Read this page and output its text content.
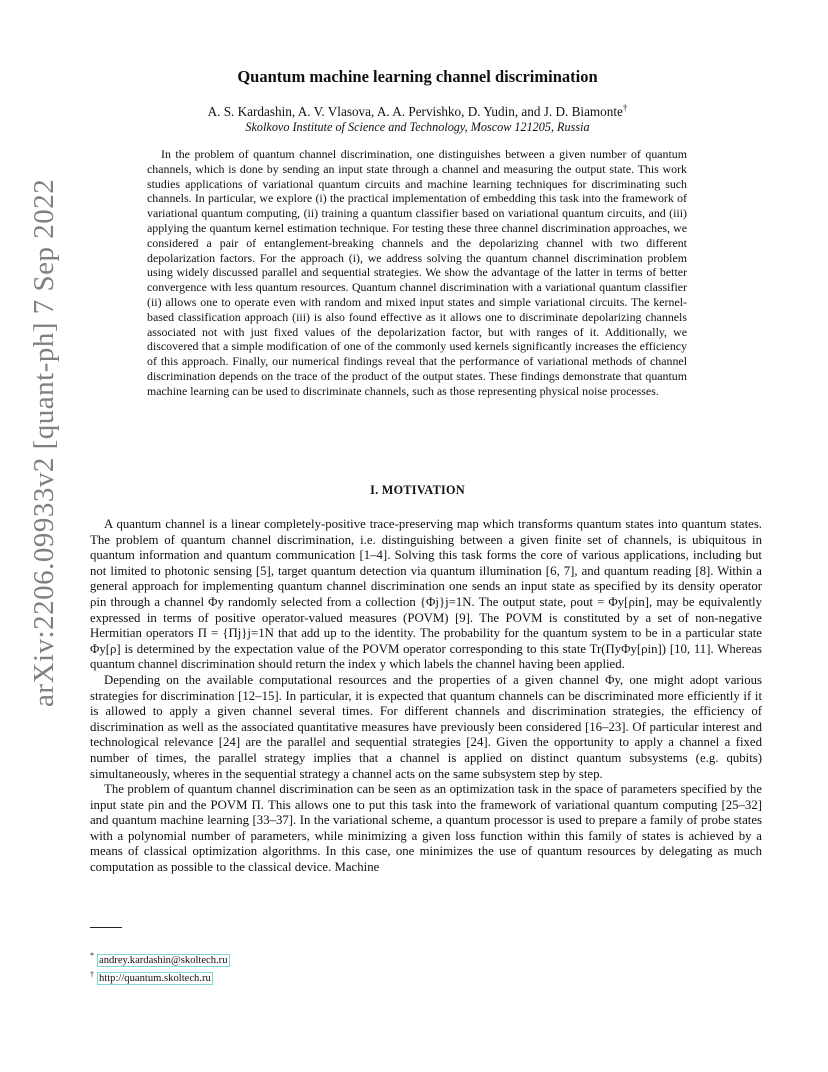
arXiv:2206.09933v2 [quant-ph] 7 Sep 2022
Quantum machine learning channel discrimination
A. S. Kardashin, A. V. Vlasova, A. A. Pervishko, D. Yudin, and J. D. Biamonte†
Skolkovo Institute of Science and Technology, Moscow 121205, Russia

In the problem of quantum channel discrimination, one distinguishes between a given number of quantum channels, which is done by sending an input state through a channel and measuring the output state. This work studies applications of variational quantum circuits and machine learning techniques for discriminating such channels. In particular, we explore (i) the practical implementation of embedding this task into the framework of variational quantum computing, (ii) training a quantum classifier based on variational quantum circuits, and (iii) applying the quantum kernel estimation technique. For testing these three channel discrimination approaches, we considered a pair of entanglement-breaking channels and the depolarizing channel with two different depolarization factors. For the approach (i), we address solving the quantum channel discrimination problem using widely discussed parallel and sequential strategies. We show the advantage of the latter in terms of better convergence with less quantum resources. Quantum channel discrimination with a variational quantum classifier (ii) allows one to operate even with random and mixed input states and simple variational circuits. The kernel-based classification approach (iii) is also found effective as it allows one to discriminate depolarizing channels associated not with just fixed values of the depolarization factor, but with ranges of it. Additionally, we discovered that a simple modification of one of the commonly used kernels significantly increases the efficiency of this approach. Finally, our numerical findings reveal that the performance of variational methods of channel discrimination depends on the trace of the product of the output states. These findings demonstrate that quantum machine learning can be used to discriminate channels, such as those representing physical noise processes.

I. MOTIVATION

A quantum channel is a linear completely-positive trace-preserving map which transforms quantum states into quantum states. The problem of quantum channel discrimination, i.e. distinguishing between a given finite set of channels, is ubiquitous in quantum information and quantum communication [1–4]. Solving this task forms the core of various applications, including but not limited to photonic sensing [5], target quantum detection via quantum illumination [6, 7], and quantum reading [8]. Within a general approach for implementing quantum channel discrimination one sends an input state as specified by its density operator ρin through a channel Φy randomly selected from a collection {Φj}j=1N. The output state, ρout = Φy[ρin], may be equivalently expressed in terms of positive operator-valued measures (POVM) [9]. The POVM is constituted by a set of non-negative Hermitian operators Π = {Πj}j=1N that add up to the identity. The probability for the quantum system to be in a particular state Φy[ρ] is determined by the expectation value of the POVM operator corresponding to this state Tr(ΠyΦy[ρin]) [10, 11]. Whereas quantum channel discrimination should return the index y which labels the channel having been applied.

Depending on the available computational resources and the properties of a given channel Φy, one might adopt various strategies for discrimination [12–15]. In particular, it is expected that quantum channels can be discriminated more efficiently if it is allowed to apply a given channel several times. For different channels and discrimination strategies, the efficiency of discrimination as well as the associated quantitative measures have previously been considered [16–23]. Of particular interest and technological relevance [24] are the parallel and sequential strategies [24]. Given the opportunity to apply a channel a fixed number of times, the parallel strategy implies that a channel is applied on distinct quantum subsystems (e.g. qubits) simultaneously, wheres in the sequential strategy a channel acts on the same subsystem step by step.

The problem of quantum channel discrimination can be seen as an optimization task in the space of parameters specified by the input state ρin and the POVM Π. This allows one to put this task into the framework of variational quantum computing [25–32] and quantum machine learning [33–37]. In the variational scheme, a quantum processor is used to prepare a family of probe states with a polynomial number of parameters, while minimizing a given loss function within this family of states is achieved by a means of classical optimization algorithms. In this case, one minimizes the use of quantum resources by delegating as much computation as possible to the classical device. Machine

* andrey.kardashin@skoltech.ru
† http://quantum.skoltech.ru
